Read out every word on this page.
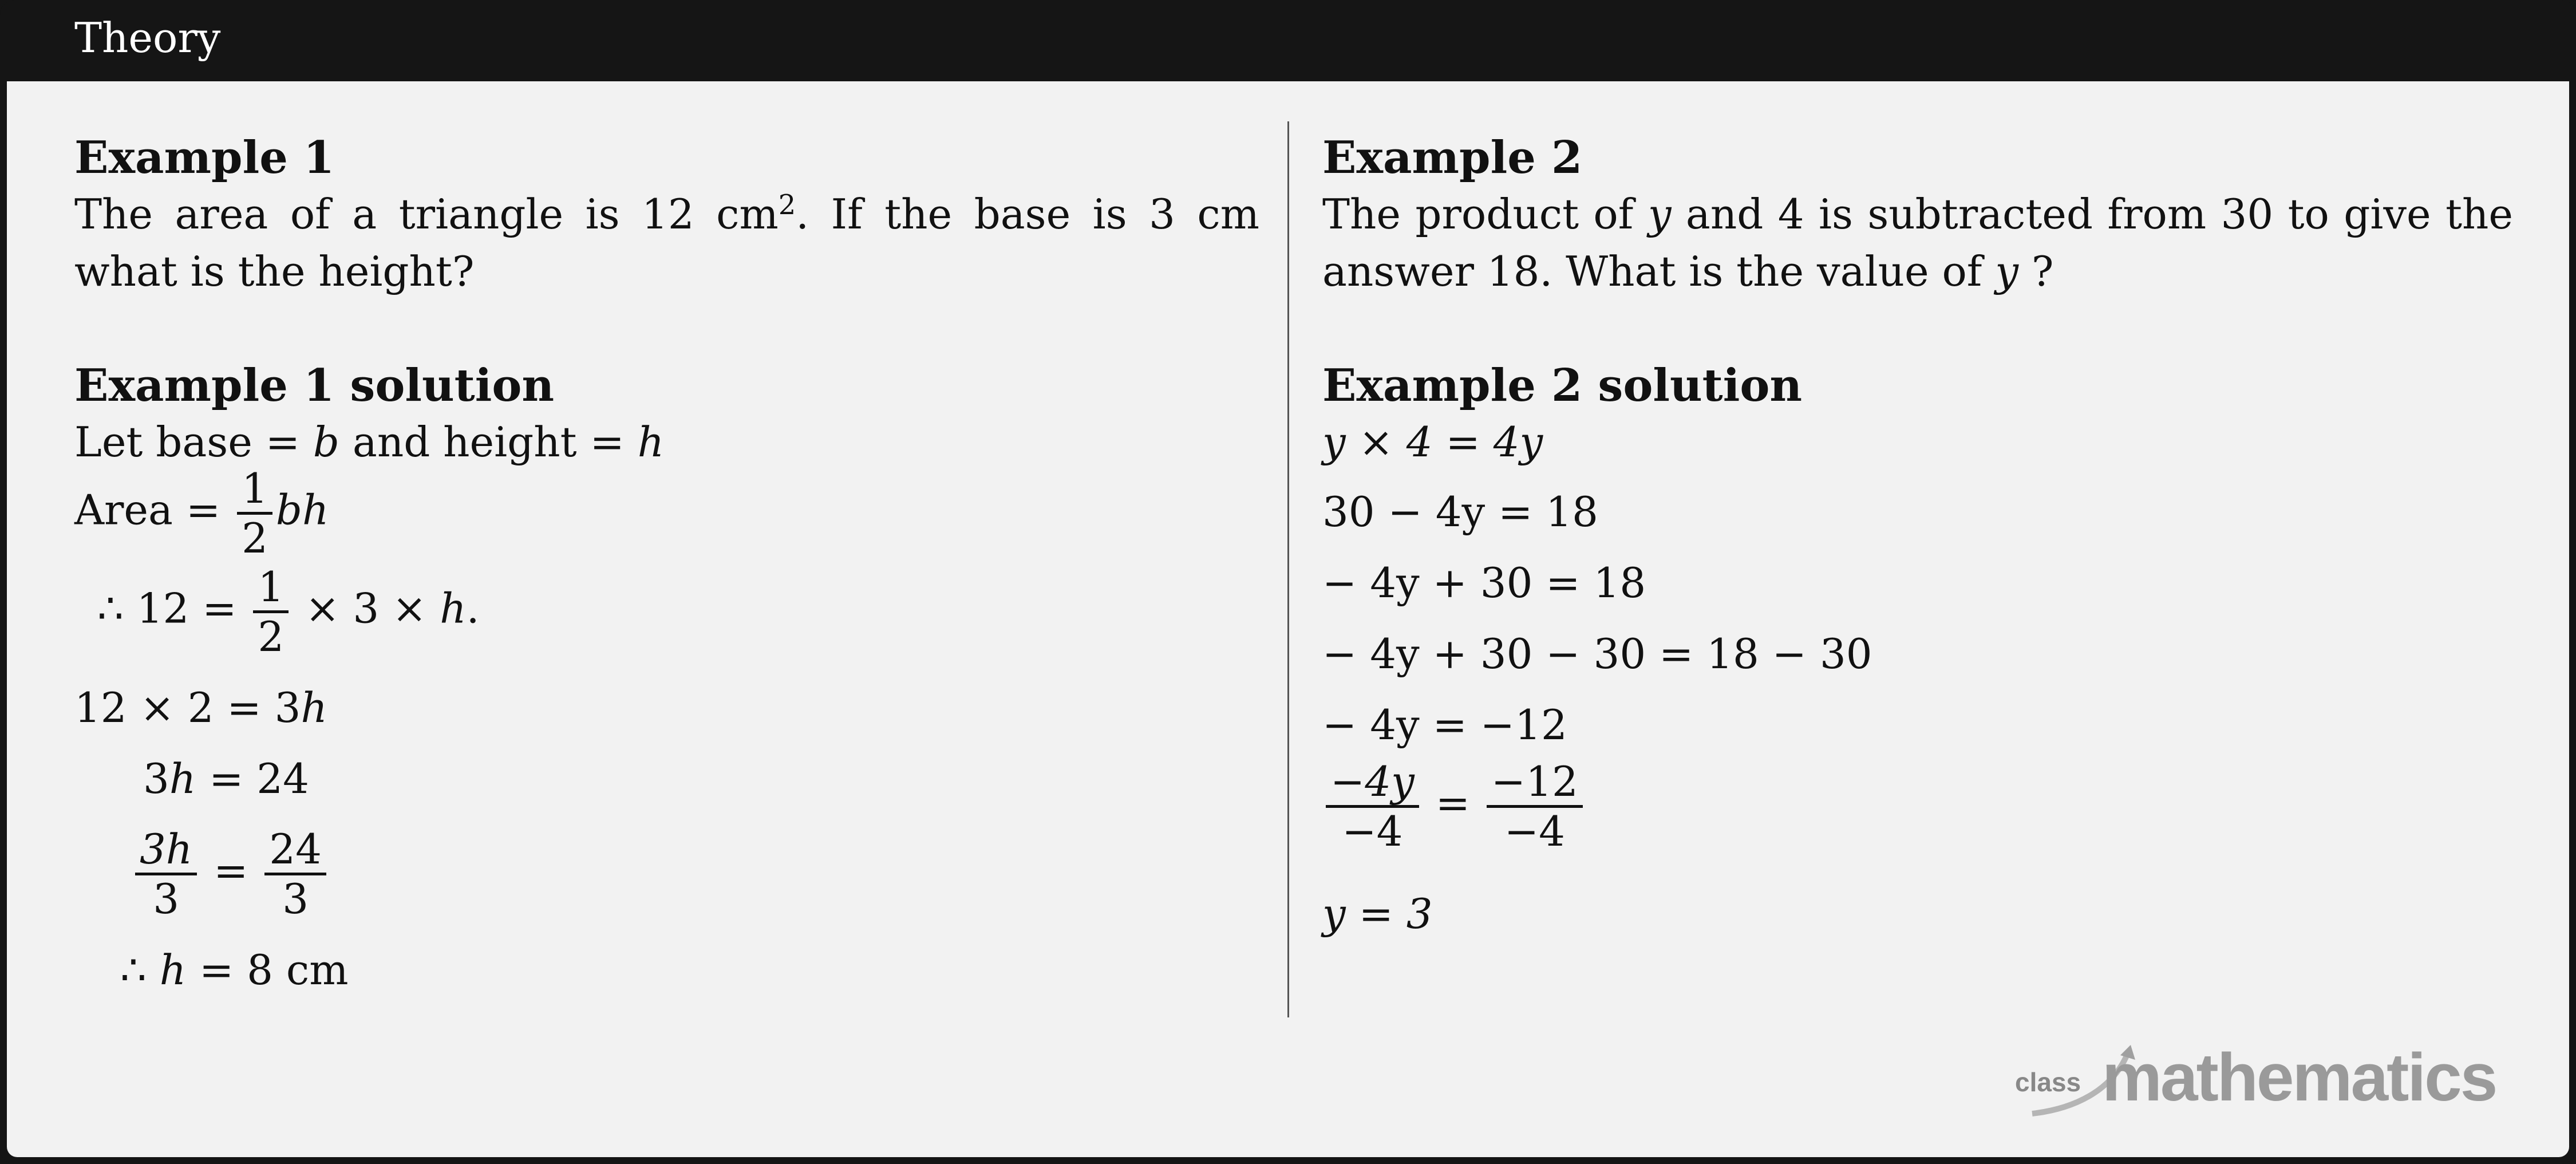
Theory
Example 1
The area of a triangle is 12 $cm^2$. If the base is 3 cm what is the height?
Example 1 solution
Let base = b and height = h
Area = $\frac{1}{2}$ bh
∴ $12 = \frac{1}{2} \times 3 \times h$.
12 × 2 = 3h
3h = 24
$\frac{3h}{3} = \frac{24}{3}$
∴ h = 8 cm
Example 2
The product of y and 4 is subtracted from 30 to give the answer 18. What is the value of y ?
Example 2 solution
y × 4 = 4y
30 − 4y = 18
− 4y + 30 = 18
− 4y + 30 − 30 = 18 − 30
− 4y = −12
$\frac{-4y}{-4} = \frac{-12}{-4}$
y = 3
class mathematics
